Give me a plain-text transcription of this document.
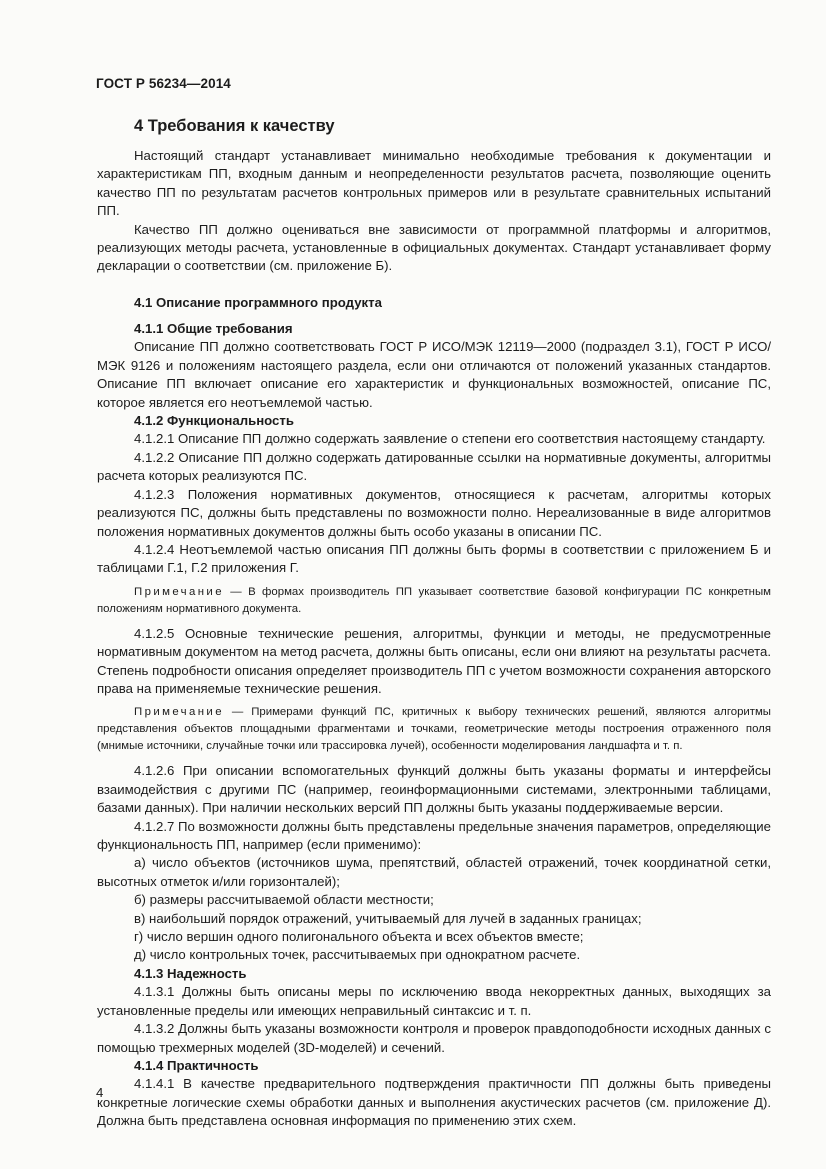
ГОСТ Р 56234—2014
4 Требования к качеству

Настоящий стандарт устанавливает минимально необходимые требования к документации и характеристикам ПП, входным данным и неопределенности результатов расчета, позволяющие оценить качество ПП по результатам расчетов контрольных примеров или в результате сравнительных испытаний ПП.

Качество ПП должно оцениваться вне зависимости от программной платформы и алгоритмов, реализующих методы расчета, установленные в официальных документах. Стандарт устанавливает форму декларации о соответствии (см. приложение Б).

4.1 Описание программного продукта
4.1.1 Общие требования

Описание ПП должно соответствовать ГОСТ Р ИСО/МЭК 12119—2000 (подраздел 3.1), ГОСТ Р ИСО/МЭК 9126 и положениям настоящего раздела, если они отличаются от положений указанных стандартов. Описание ПП включает описание его характеристик и функциональных возможностей, описание ПС, которое является его неотъемлемой частью.

4.1.2 Функциональность

4.1.2.1 Описание ПП должно содержать заявление о степени его соответствия настоящему стандарту.

4.1.2.2 Описание ПП должно содержать датированные ссылки на нормативные документы, алгоритмы расчета которых реализуются ПС.

4.1.2.3 Положения нормативных документов, относящиеся к расчетам, алгоритмы которых реализуются ПС, должны быть представлены по возможности полно. Нереализованные в виде алгоритмов положения нормативных документов должны быть особо указаны в описании ПС.

4.1.2.4 Неотъемлемой частью описания ПП должны быть формы в соответствии с приложением Б и таблицами Г.1, Г.2 приложения Г.

Примечание — В формах производитель ПП указывает соответствие базовой конфигурации ПС конкретным положениям нормативного документа.

4.1.2.5 Основные технические решения, алгоритмы, функции и методы, не предусмотренные нормативным документом на метод расчета, должны быть описаны, если они влияют на результаты расчета. Степень подробности описания определяет производитель ПП с учетом возможности сохранения авторского права на применяемые технические решения.

Примечание — Примерами функций ПС, критичных к выбору технических решений, являются алгоритмы представления объектов площадными фрагментами и точками, геометрические методы построения отраженного поля (мнимые источники, случайные точки или трассировка лучей), особенности моделирования ландшафта и т. п.

4.1.2.6 При описании вспомогательных функций должны быть указаны форматы и интерфейсы взаимодействия с другими ПС (например, геоинформационными системами, электронными таблицами, базами данных). При наличии нескольких версий ПП должны быть указаны поддерживаемые версии.

4.1.2.7 По возможности должны быть представлены предельные значения параметров, определяющие функциональность ПП, например (если применимо):

а) число объектов (источников шума, препятствий, областей отражений, точек координатной сетки, высотных отметок и/или горизонталей);

б) размеры рассчитываемой области местности;

в) наибольший порядок отражений, учитываемый для лучей в заданных границах;

г) число вершин одного полигонального объекта и всех объектов вместе;

д) число контрольных точек, рассчитываемых при однократном расчете.

4.1.3 Надежность

4.1.3.1 Должны быть описаны меры по исключению ввода некорректных данных, выходящих за установленные пределы или имеющих неправильный синтаксис и т. п.

4.1.3.2 Должны быть указаны возможности контроля и проверок правдоподобности исходных данных с помощью трехмерных моделей (3D-моделей) и сечений.

4.1.4 Практичность

4.1.4.1 В качестве предварительного подтверждения практичности ПП должны быть приведены конкретные логические схемы обработки данных и выполнения акустических расчетов (см. приложение Д). Должна быть представлена основная информация по применению этих схем.

4
